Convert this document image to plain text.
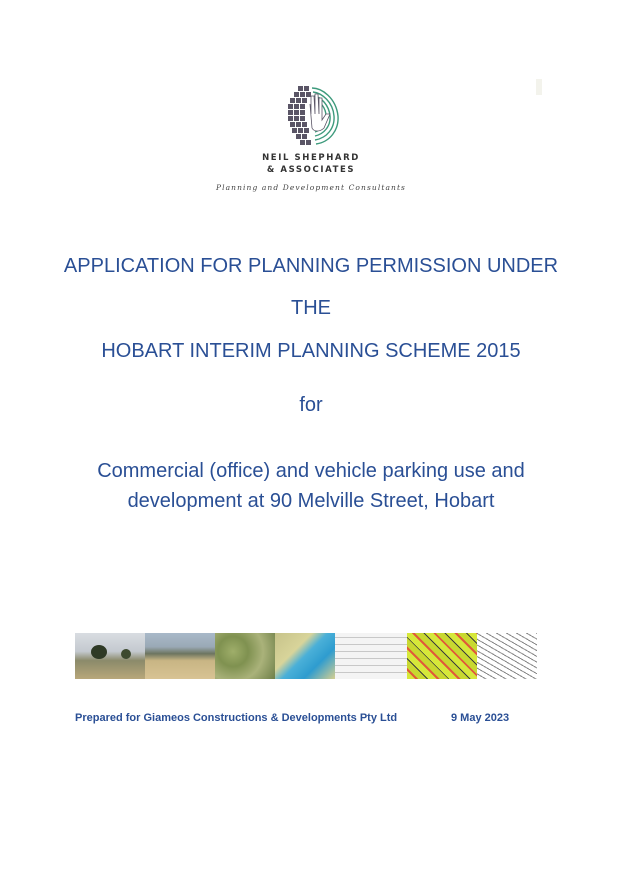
NEIL SHEPHARD
& ASSOCIATES
Planning and Development Consultants
APPLICATION FOR PLANNING PERMISSION UNDER
THE
HOBART INTERIM PLANNING SCHEME 2015
for
Commercial (office) and vehicle parking use and
development at 90 Melville Street, Hobart
Prepared for Giameos Constructions & Developments Pty Ltd	9 May 2023
